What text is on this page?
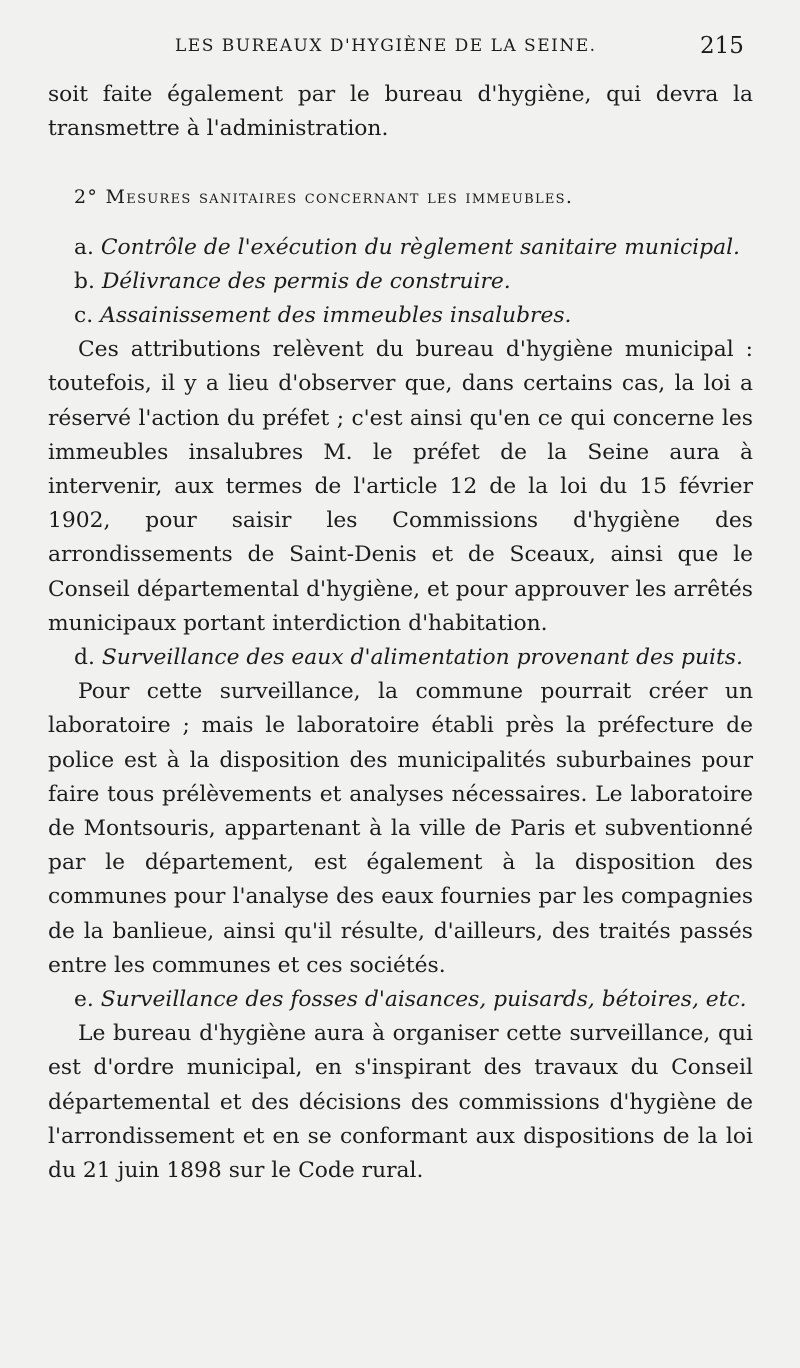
LES BUREAUX D'HYGIÈNE DE LA SEINE.	215

soit faite également par le bureau d'hygiène, qui devra la transmettre à l'administration.

2° Mesures sanitaires concernant les immeubles.

a. Contrôle de l'exécution du règlement sanitaire municipal.

b. Délivrance des permis de construire.

c. Assainissement des immeubles insalubres.

Ces attributions relèvent du bureau d'hygiène municipal : toutefois, il y a lieu d'observer que, dans certains cas, la loi a réservé l'action du préfet ; c'est ainsi qu'en ce qui concerne les immeubles insalubres M. le préfet de la Seine aura à intervenir, aux termes de l'article 12 de la loi du 15 février 1902, pour saisir les Commissions d'hygiène des arrondissements de Saint-Denis et de Sceaux, ainsi que le Conseil départemental d'hygiène, et pour approuver les arrêtés municipaux portant interdiction d'habitation.

d. Surveillance des eaux d'alimentation provenant des puits.

Pour cette surveillance, la commune pourrait créer un laboratoire ; mais le laboratoire établi près la préfecture de police est à la disposition des municipalités suburbaines pour faire tous prélèvements et analyses nécessaires. Le laboratoire de Montsouris, appartenant à la ville de Paris et subventionné par le département, est également à la disposition des communes pour l'analyse des eaux fournies par les compagnies de la banlieue, ainsi qu'il résulte, d'ailleurs, des traités passés entre les communes et ces sociétés.

e. Surveillance des fosses d'aisances, puisards, bétoires, etc.

Le bureau d'hygiène aura à organiser cette surveillance, qui est d'ordre municipal, en s'inspirant des travaux du Conseil départemental et des décisions des commissions d'hygiène de l'arrondissement et en se conformant aux dispositions de la loi du 21 juin 1898 sur le Code rural.
